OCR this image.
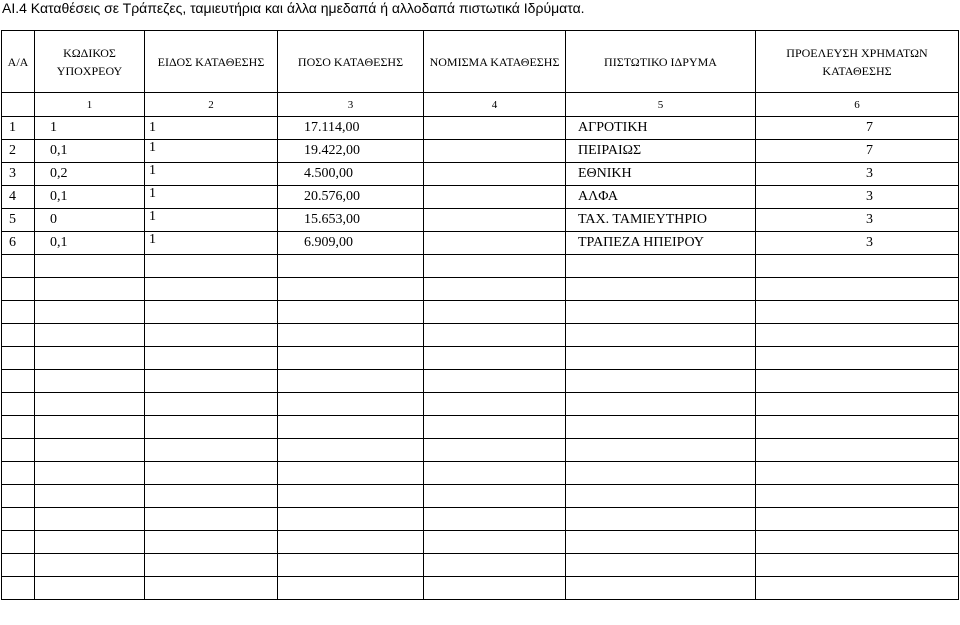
ΑΙ.4 Καταθέσεις σε Τράπεζες, ταμιευτήρια και άλλα ημεδαπά ή αλλοδαπά πιστωτικά Ιδρύματα.
Α/Α	ΚΩΔΙΚΟΣ ΥΠΟΧΡΕΟΥ	ΕΙΔΟΣ ΚΑΤΑΘΕΣΗΣ	ΠΟΣΟ ΚΑΤΑΘΕΣΗΣ	ΝΟΜΙΣΜΑ ΚΑΤΑΘΕΣΗΣ	ΠΙΣΤΩΤΙΚΟ ΙΔΡΥΜΑ	ΠΡΟΕΛΕΥΣΗ ΧΡΗΜΑΤΩΝ ΚΑΤΑΘΕΣΗΣ
	1	2	3	4	5	6
1	1	1	17.114,00		ΑΓΡΟΤΙΚΗ	7
2	0,1	1	19.422,00		ΠΕΙΡΑΙΩΣ	7
3	0,2	1	4.500,00		ΕΘΝΙΚΗ	3
4	0,1	1	20.576,00		ΑΛΦΑ	3
5	0	1	15.653,00		ΤΑΧ. ΤΑΜΙΕΥΤΗΡΙΟ	3
6	0,1	1	6.909,00		ΤΡΑΠΕΖΑ ΗΠΕΙΡΟΥ	3
